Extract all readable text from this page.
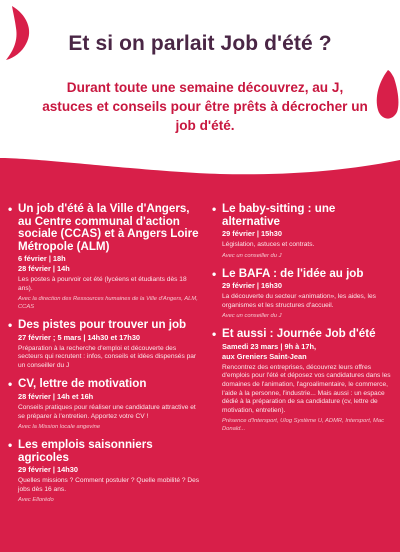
Et si on parlait Job d'été ?

Durant toute une semaine découvrez, au J, astuces et conseils pour être prêts à décrocher un job d'été.

• Un job d'été à la Ville d'Angers, au Centre communal d'action sociale (CCAS) et à Angers Loire Métropole (ALM)
6 février | 18h
28 février | 14h
Les postes à pourvoir cet été (lycéens et étudiants dès 18 ans).
Avec la direction des Ressources humaines de la Ville d'Angers, ALM, CCAS
• Des pistes pour trouver un job
27 février ; 5 mars | 14h30 et 17h30
Préparation à la recherche d'emploi et découverte des secteurs qui recrutent : infos, conseils et idées dispensés par un conseiller du J
• CV, lettre de motivation
28 février | 14h et 16h
Conseils pratiques pour réaliser une candidature attractive et se préparer à l'entretien. Apportez votre CV !
Avec la Mission locale angevine
• Les emplois saisonniers agricoles
29 février | 14h30
Quelles missions ? Comment postuler ? Quelle mobilité ? Des jobs dès 16 ans.
Avec Ellorédo
• Le baby-sitting : une alternative
29 février | 15h30
Législation, astuces et contrats.
Avec un conseiller du J
• Le BAFA : de l'idée au job
29 février | 16h30
La découverte du secteur «animation», les aides, les organismes et les structures d'accueil.
Avec un conseiller du J
• Et aussi : Journée Job d'été
Samedi 23 mars | 9h à 17h,
aux Greniers Saint-Jean
Rencontrez des entreprises, découvrez leurs offres d'emplois pour l'été et déposez vos candidatures dans les domaines de l'animation, l'agroalimentaire, le commerce, l'aide à la personne, l'industrie... Mais aussi : un espace dédié à la préparation de sa candidature (cv, lettre de motivation, entretien).
Présence d'Intersport, Ulog Système U, ADMR, Intersport, Mac Donald...
